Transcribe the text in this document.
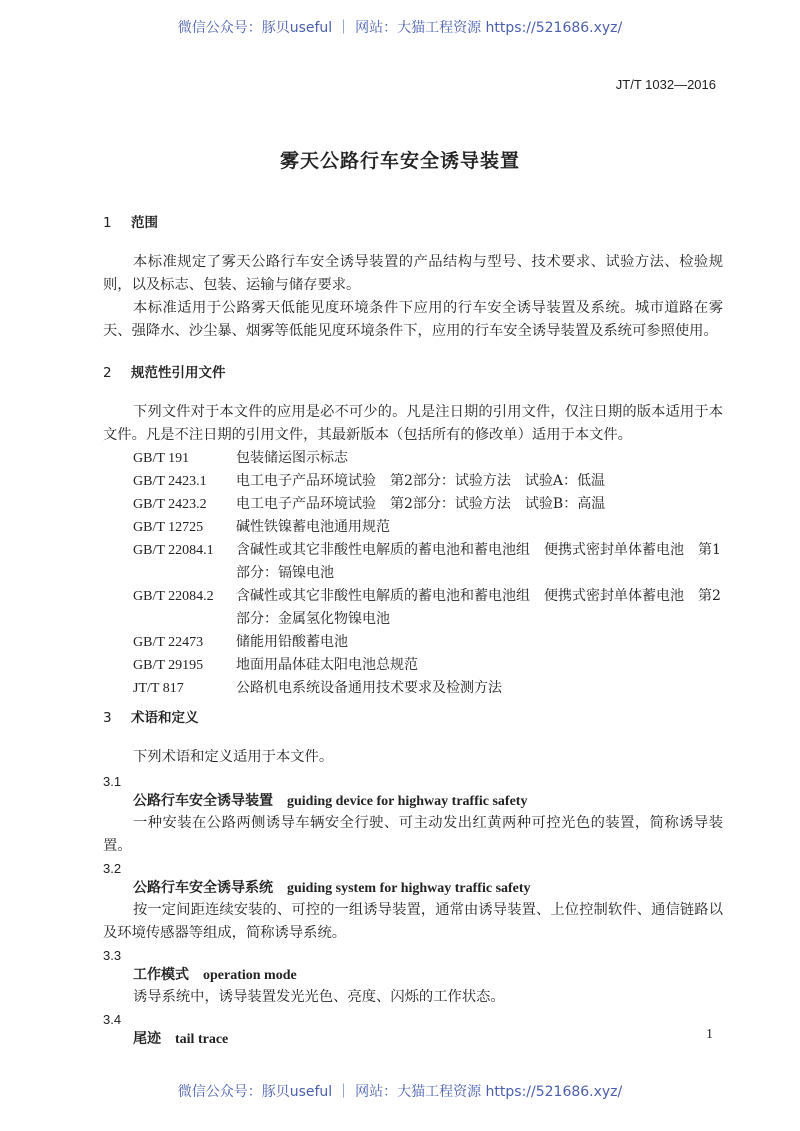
微信公众号：豚贝useful ｜ 网站：大猫工程资源 https://521686.xyz/
JT/T 1032—2016
雾天公路行车安全诱导装置
1 范围
本标准规定了雾天公路行车安全诱导装置的产品结构与型号、技术要求、试验方法、检验规则，以及标志、包装、运输与储存要求。
本标准适用于公路雾天低能见度环境条件下应用的行车安全诱导装置及系统。城市道路在雾天、强降水、沙尘暴、烟雾等低能见度环境条件下，应用的行车安全诱导装置及系统可参照使用。
2 规范性引用文件
下列文件对于本文件的应用是必不可少的。凡是注日期的引用文件，仅注日期的版本适用于本文件。凡是不注日期的引用文件，其最新版本（包括所有的修改单）适用于本文件。
GB/T 191	包装储运图示标志
GB/T 2423.1	电工电子产品环境试验　第2部分：试验方法　试验A：低温
GB/T 2423.2	电工电子产品环境试验　第2部分：试验方法　试验B：高温
GB/T 12725	碱性铁镍蓄电池通用规范
GB/T 22084.1	含碱性或其它非酸性电解质的蓄电池和蓄电池组　便携式密封单体蓄电池　第1部分：镉镍电池
GB/T 22084.2	含碱性或其它非酸性电解质的蓄电池和蓄电池组　便携式密封单体蓄电池　第2部分：金属氢化物镍电池
GB/T 22473	储能用铅酸蓄电池
GB/T 29195	地面用晶体硅太阳电池总规范
JT/T 817	公路机电系统设备通用技术要求及检测方法
3 术语和定义
下列术语和定义适用于本文件。
3.1
公路行车安全诱导装置 guiding device for highway traffic safety
一种安装在公路两侧诱导车辆安全行驶、可主动发出红黄两种可控光色的装置，简称诱导装置。
3.2
公路行车安全诱导系统 guiding system for highway traffic safety
按一定间距连续安装的、可控的一组诱导装置，通常由诱导装置、上位控制软件、通信链路以及环境传感器等组成，简称诱导系统。
3.3
工作模式 operation mode
诱导系统中，诱导装置发光光色、亮度、闪烁的工作状态。
3.4
尾迹 tail trace	1
微信公众号：豚贝useful ｜ 网站：大猫工程资源 https://521686.xyz/
